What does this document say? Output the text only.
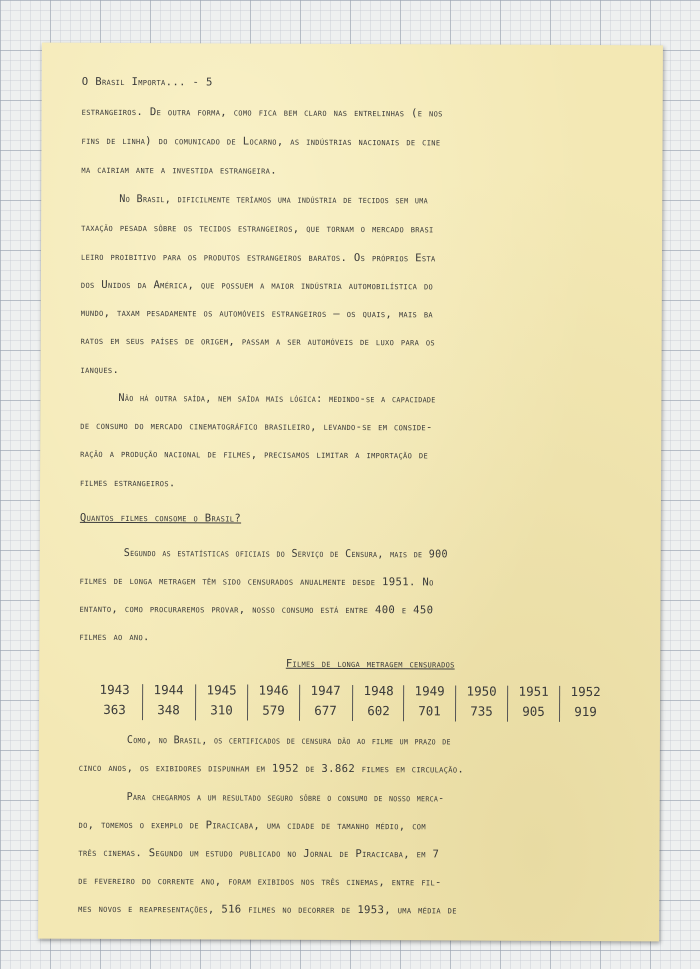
O Brasil Importa... - 5
estrangeiros. De outra forma, como fica bem claro nas entrelinhas (e nos
fins de linha) do comunicado de Locarno, as indústrias nacionais de cine
ma cairiam ante a investida estrangeira.
No Brasil, dificilmente teríamos uma indústria de tecidos sem uma
taxação pesada sôbre os tecidos estrangeiros, que tornam o mercado brasi
leiro proibitivo para os produtos estrangeiros baratos. Os próprios Esta
dos Unidos da América, que possuem a maior indústria automobilística do
mundo, taxam pesadamente os automóveis estrangeiros — os quais, mais ba
ratos em seus países de origem, passam a ser automóveis de luxo para os
ianques.
Não há outra saída, nem saída mais lógica: medindo-se a capacidade
de consumo do mercado cinematográfico brasileiro, levando-se em conside-
ração a produção nacional de filmes, precisamos limitar a importação de
filmes estrangeiros.
Quantos filmes consome o Brasil?
Segundo as estatísticas oficiais do Serviço de Censura, mais de 900
filmes de longa metragem têm sido censurados anualmente desde 1951. No
entanto, como procuraremos provar, nosso consumo está entre 400 e 450
filmes ao ano.
Filmes de longa metragem censurados
1943
363
1944
348
1945
310
1946
579
1947
677
1948
602
1949
701
1950
735
1951
905
1952
919
Como, no Brasil, os certificados de censura dão ao filme um prazo de
cinco anos, os exibidores dispunham em 1952 de 3.862 filmes em circulação.
Para chegarmos a um resultado seguro sôbre o consumo de nosso merca-
do, tomemos o exemplo de Piracicaba, uma cidade de tamanho médio, com
três cinemas. Segundo um estudo publicado no Jornal de Piracicaba, em 7
de fevereiro do corrente ano, foram exibidos nos três cinemas, entre fil-
mes novos e reapresentações, 516 filmes no decorrer de 1953, uma média de
